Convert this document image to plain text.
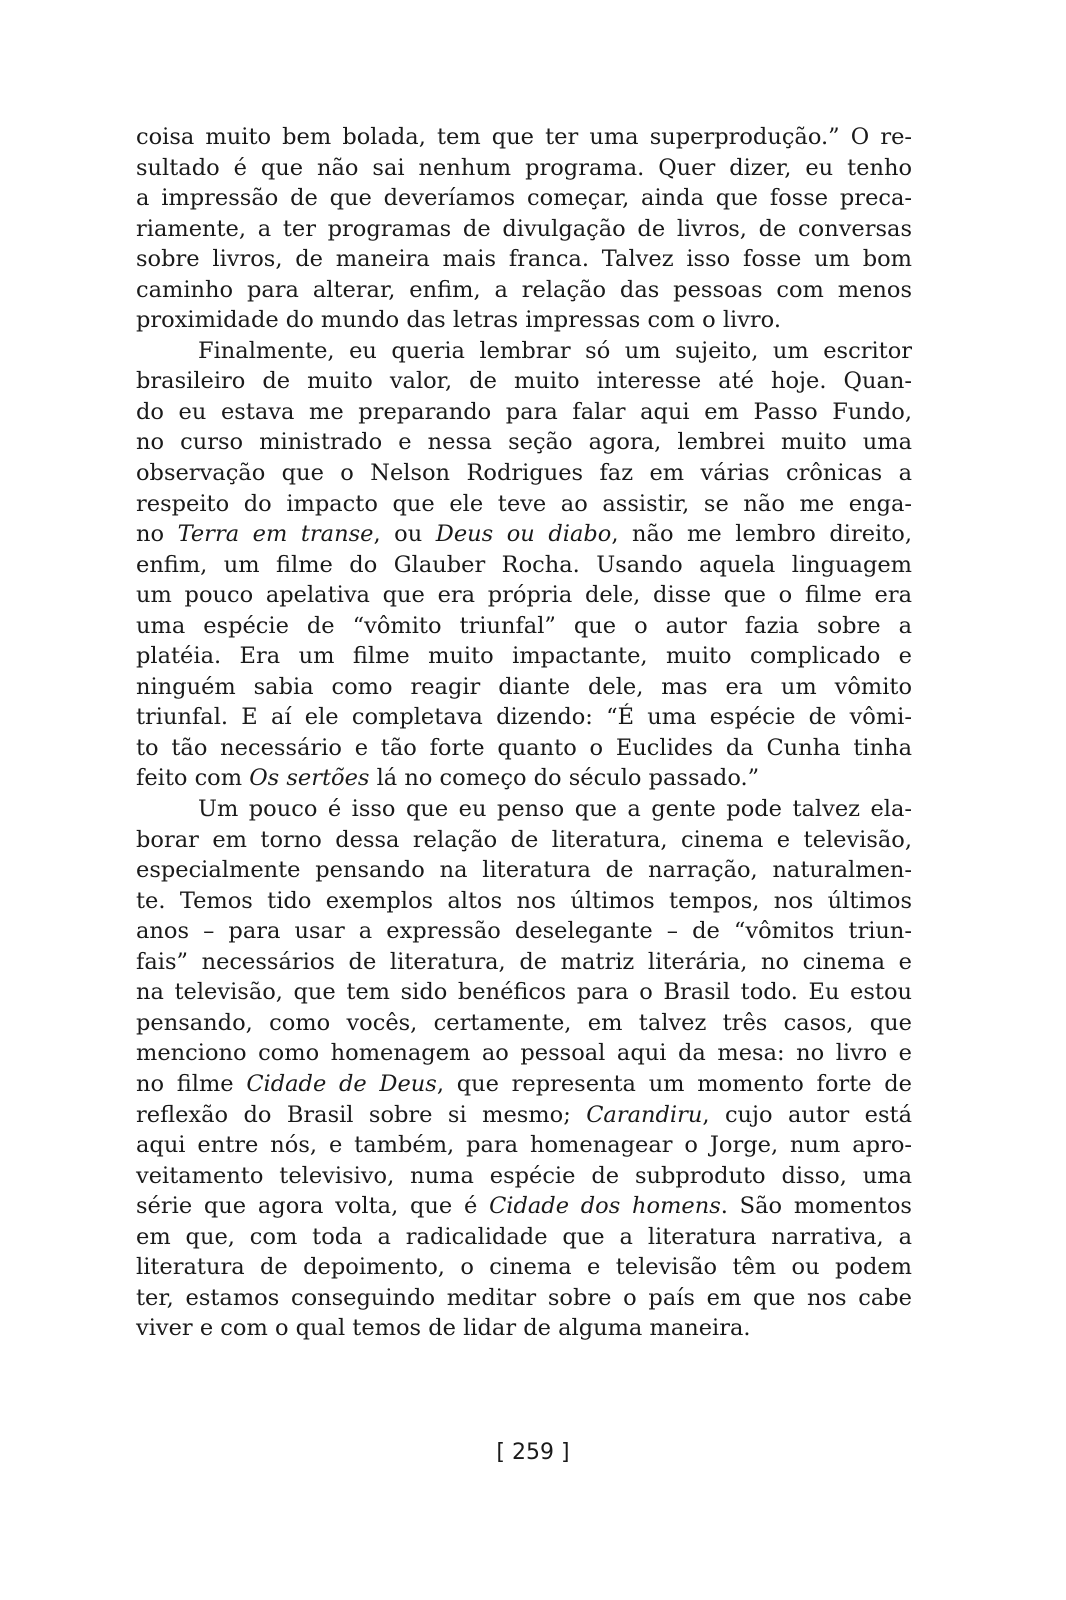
coisa muito bem bolada, tem que ter uma superprodução.” O re-
sultado é que não sai nenhum programa. Quer dizer, eu tenho
a impressão de que deveríamos começar, ainda que fosse preca-
riamente, a ter programas de divulgação de livros, de conversas
sobre livros, de maneira mais franca. Talvez isso fosse um bom
caminho para alterar, enfim, a relação das pessoas com menos
proximidade do mundo das letras impressas com o livro.
Finalmente, eu queria lembrar só um sujeito, um escritor
brasileiro de muito valor, de muito interesse até hoje. Quan-
do eu estava me preparando para falar aqui em Passo Fundo,
no curso ministrado e nessa seção agora, lembrei muito uma
observação que o Nelson Rodrigues faz em várias crônicas a
respeito do impacto que ele teve ao assistir, se não me enga-
no Terra em transe, ou Deus ou diabo, não me lembro direito,
enfim, um filme do Glauber Rocha. Usando aquela linguagem
um pouco apelativa que era própria dele, disse que o filme era
uma espécie de “vômito triunfal” que o autor fazia sobre a
platéia. Era um filme muito impactante, muito complicado e
ninguém sabia como reagir diante dele, mas era um vômito
triunfal. E aí ele completava dizendo: “É uma espécie de vômi-
to tão necessário e tão forte quanto o Euclides da Cunha tinha
feito com Os sertões lá no começo do século passado.”
Um pouco é isso que eu penso que a gente pode talvez ela-
borar em torno dessa relação de literatura, cinema e televisão,
especialmente pensando na literatura de narração, naturalmen-
te. Temos tido exemplos altos nos últimos tempos, nos últimos
anos – para usar a expressão deselegante – de “vômitos triun-
fais” necessários de literatura, de matriz literária, no cinema e
na televisão, que tem sido benéficos para o Brasil todo. Eu estou
pensando, como vocês, certamente, em talvez três casos, que
menciono como homenagem ao pessoal aqui da mesa: no livro e
no filme Cidade de Deus, que representa um momento forte de
reflexão do Brasil sobre si mesmo; Carandiru, cujo autor está
aqui entre nós, e também, para homenagear o Jorge, num apro-
veitamento televisivo, numa espécie de subproduto disso, uma
série que agora volta, que é Cidade dos homens. São momentos
em que, com toda a radicalidade que a literatura narrativa, a
literatura de depoimento, o cinema e televisão têm ou podem
ter, estamos conseguindo meditar sobre o país em que nos cabe
viver e com o qual temos de lidar de alguma maneira.
[ 259 ]
